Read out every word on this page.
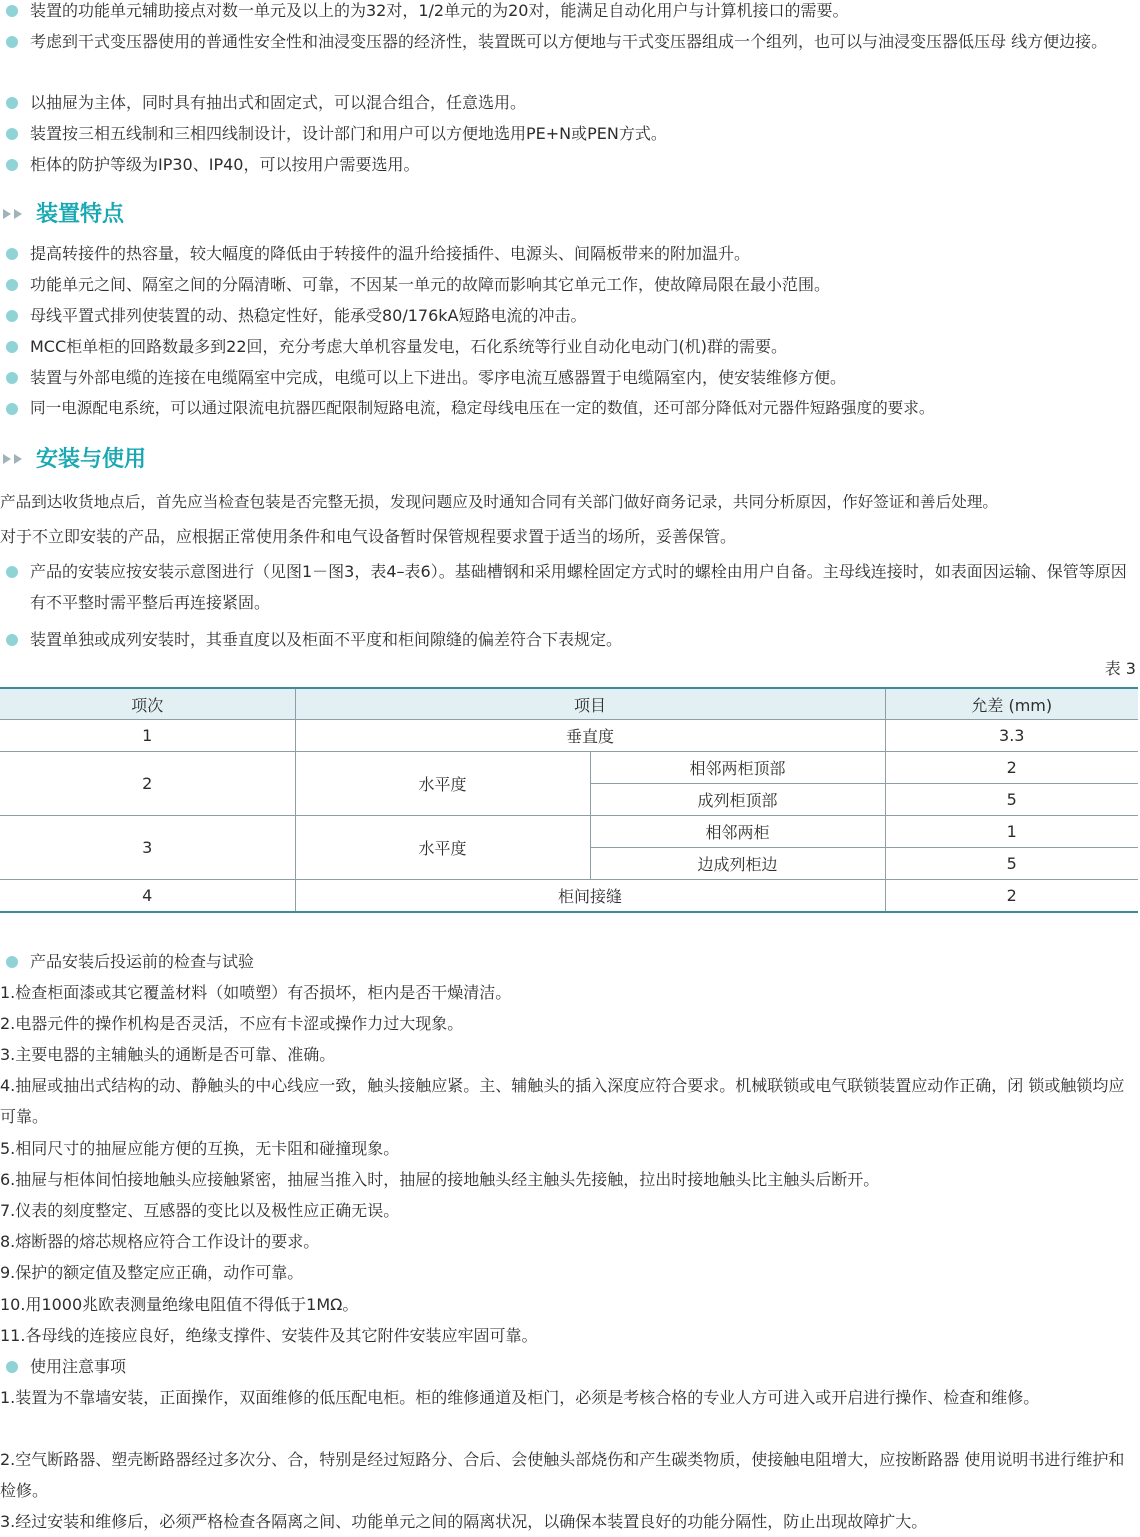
装置的功能单元辅助接点对数一单元及以上的为32对，1/2单元的为20对，能满足自动化用户与计算机接口的需要。
考虑到干式变压器使用的普通性安全性和油浸变压器的经济性，装置既可以方便地与干式变压器组成一个组列，也可以与油浸变压器低压母 线方便边接。
以抽屉为主体，同时具有抽出式和固定式，可以混合组合，任意选用。
装置按三相五线制和三相四线制设计，设计部门和用户可以方便地选用PE+N或PEN方式。
柜体的防护等级为IP30、IP40，可以按用户需要选用。
装置特点
提高转接件的热容量，较大幅度的降低由于转接件的温升给接插件、电源头、间隔板带来的附加温升。
功能单元之间、隔室之间的分隔清晰、可靠，不因某一单元的故障而影响其它单元工作，使故障局限在最小范围。
母线平置式排列使装置的动、热稳定性好，能承受80/176kA短路电流的冲击。
MCC柜单柜的回路数最多到22回，充分考虑大单机容量发电，石化系统等行业自动化电动门(机)群的需要。
装置与外部电缆的连接在电缆隔室中完成，电缆可以上下进出。零序电流互感器置于电缆隔室内，使安装维修方便。
同一电源配电系统，可以通过限流电抗器匹配限制短路电流，稳定母线电压在一定的数值，还可部分降低对元器件短路强度的要求。
安装与使用
产品到达收货地点后，首先应当检查包装是否完整无损，发现问题应及时通知合同有关部门做好商务记录，共同分析原因，作好签证和善后处理。
对于不立即安装的产品，应根据正常使用条件和电气设备暂时保管规程要求置于适当的场所，妥善保管。
产品的安装应按安装示意图进行（见图1－图3，表4–表6）。基础槽钢和采用螺栓固定方式时的螺栓由用户自备。主母线连接时，如表面因运输、保管等原因有不平整时需平整后再连接紧固。
装置单独或成列安装时，其垂直度以及柜面不平度和柜间隙缝的偏差符合下表规定。
表 3
项次	项目		允差 (mm)
1	垂直度		3.3
2	水平度	相邻两柜顶部	2
		成列柜顶部	5
3	水平度	相邻两柜	1
		边成列柜边	5
4	柜间接缝		2
产品安装后投运前的检查与试验
1.检查柜面漆或其它覆盖材料（如喷塑）有否损坏，柜内是否干燥清洁。
2.电器元件的操作机构是否灵活，不应有卡涩或操作力过大现象。
3.主要电器的主辅触头的通断是否可靠、准确。
4.抽屉或抽出式结构的动、静触头的中心线应一致，触头接触应紧。主、辅触头的插入深度应符合要求。机械联锁或电气联锁装置应动作正确，闭 锁或触锁均应可靠。
5.相同尺寸的抽屉应能方便的互换，无卡阻和碰撞现象。
6.抽屉与柜体间怕接地触头应接触紧密，抽屉当推入时，抽屉的接地触头经主触头先接触，拉出时接地触头比主触头后断开。
7.仪表的刻度整定、互感器的变比以及极性应正确无误。
8.熔断器的熔芯规格应符合工作设计的要求。
9.保护的额定值及整定应正确，动作可靠。
10.用1000兆欧表测量绝缘电阻值不得低于1MΩ。
11.各母线的连接应良好，绝缘支撑件、安装件及其它附件安装应牢固可靠。
使用注意事项
1.装置为不靠墙安装，正面操作，双面维修的低压配电柜。柜的维修通道及柜门，必须是考核合格的专业人方可进入或开启进行操作、检查和维修。
2.空气断路器、塑壳断路器经过多次分、合，特别是经过短路分、合后、会使触头部烧伤和产生碳类物质，使接触电阻增大，应按断路器 使用说明书进行维护和检修。
3.经过安装和维修后，必须严格检查各隔离之间、功能单元之间的隔离状况，以确保本装置良好的功能分隔性，防止出现故障扩大。
